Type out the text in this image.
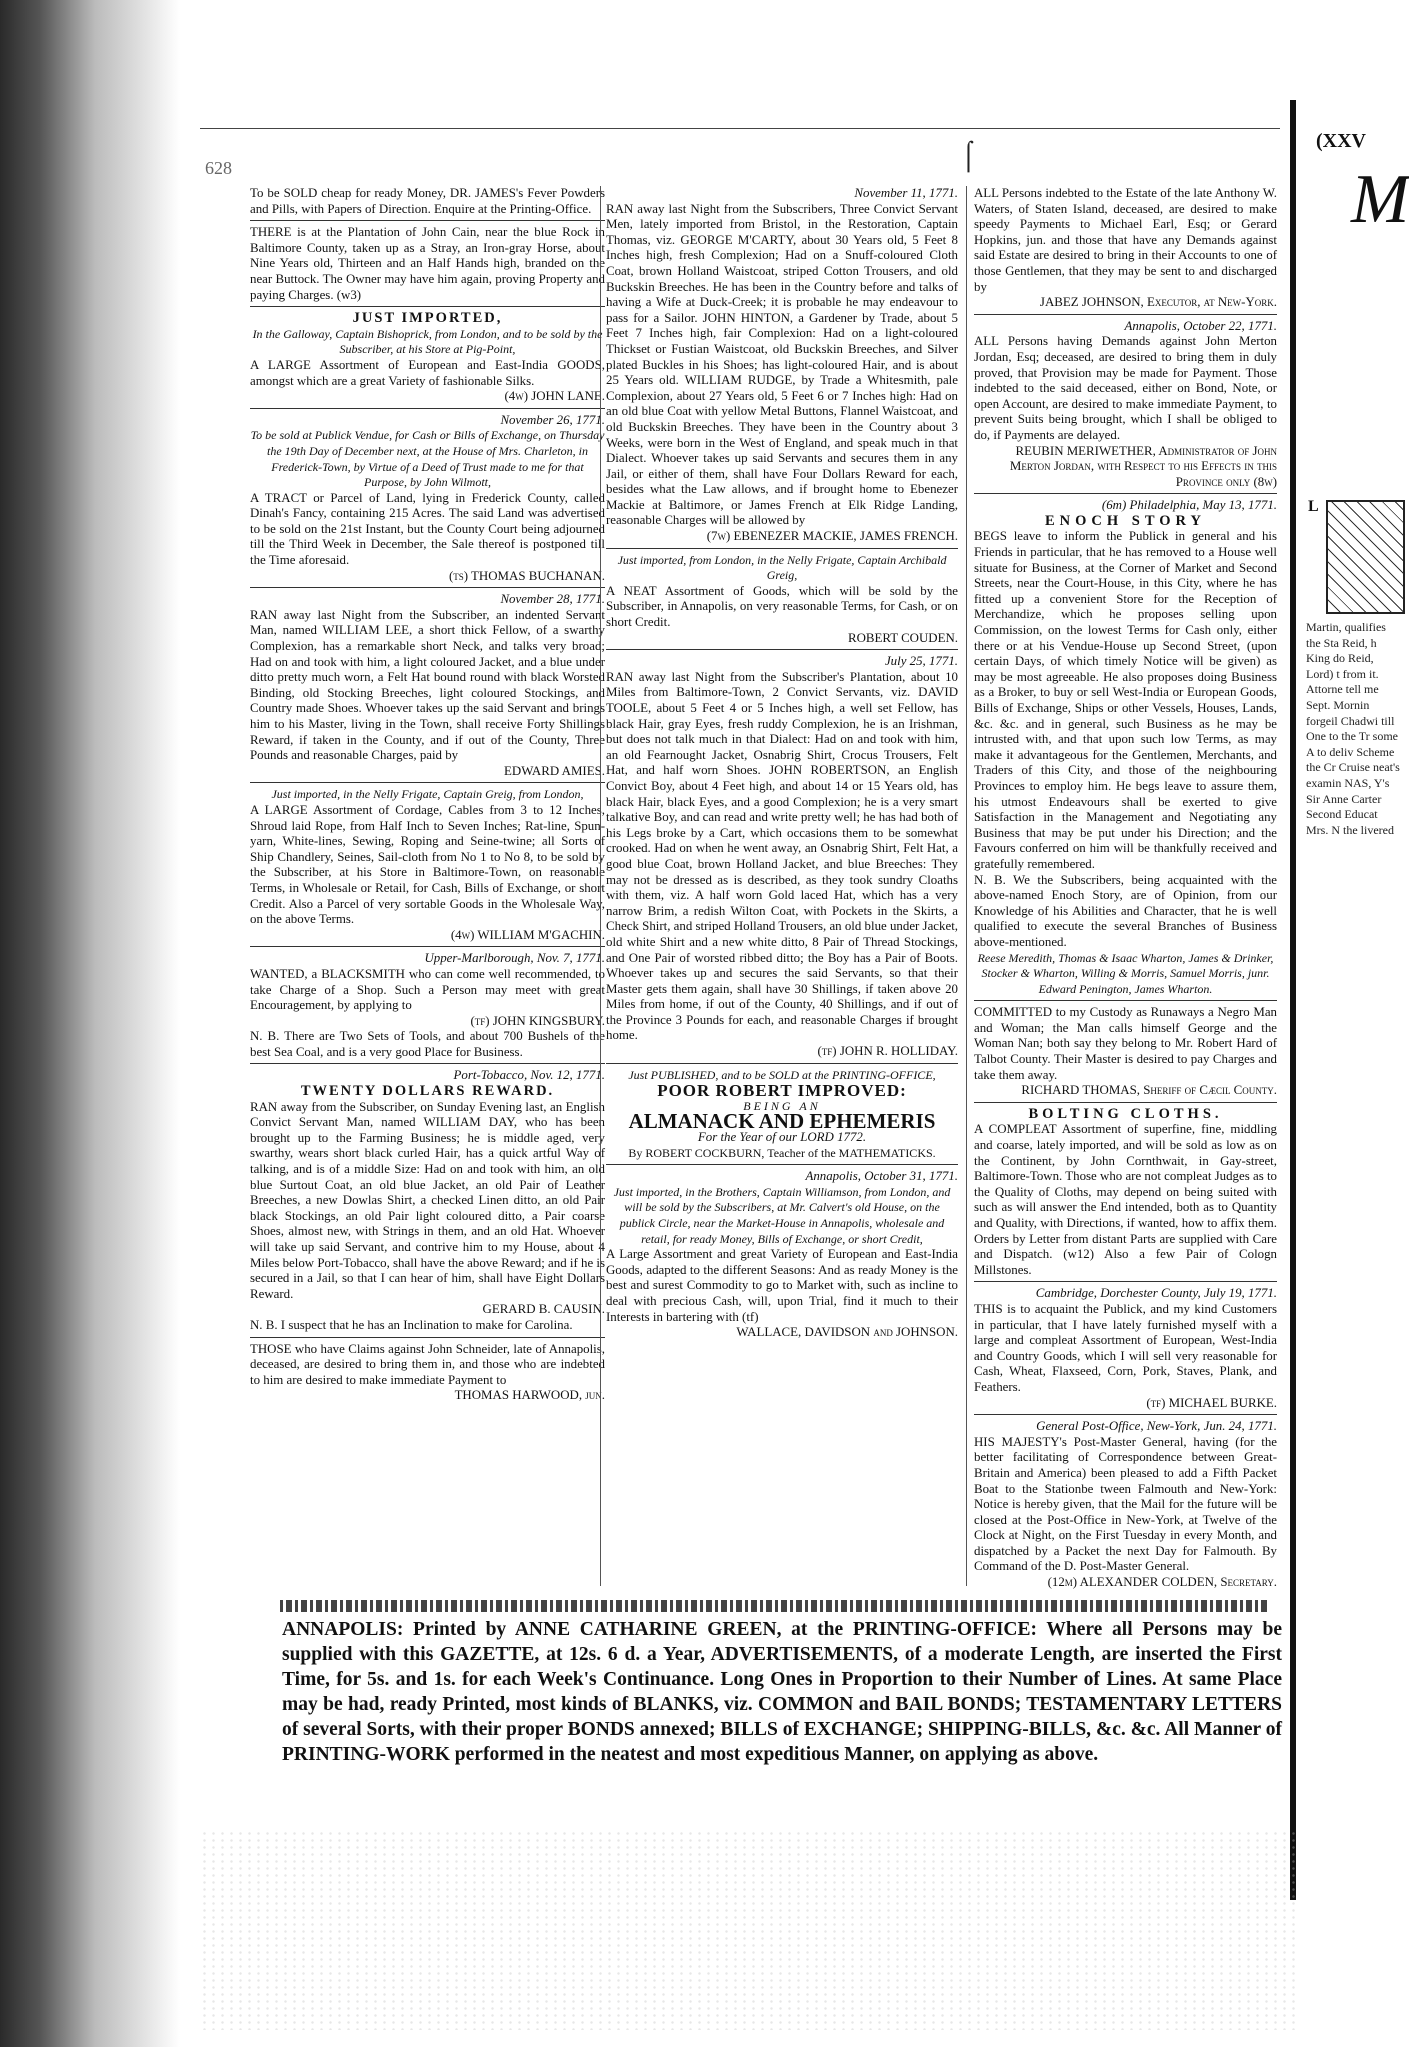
628	⌠

To be SOLD cheap for ready Money, DR. JAMES's Fever Powders and Pills, with Papers of Direction. Enquire at the Printing-Office.

THERE is at the Plantation of John Cain, near the blue Rock in Baltimore County, taken up as a Stray, an Iron-gray Horse, about Nine Years old, Thirteen and an Half Hands high, branded on the near Buttock. The Owner may have him again, proving Property and paying Charges. (w3)

JUST IMPORTED,

In the Galloway, Captain Bishoprick, from London, and to be sold by the Subscriber, at his Store at Pig-Point,

A LARGE Assortment of European and East-India GOODS, amongst which are a great Variety of fashionable Silks.

(4w) JOHN LANE.

November 26, 1771.

To be sold at Publick Vendue, for Cash or Bills of Exchange, on Thursday the 19th Day of December next, at the House of Mrs. Charleton, in Frederick-Town, by Virtue of a Deed of Trust made to me for that Purpose, by John Wilmott,

A TRACT or Parcel of Land, lying in Frederick County, called Dinah's Fancy, containing 215 Acres. The said Land was advertised to be sold on the 21st Instant, but the County Court being adjourned till the Third Week in December, the Sale thereof is postponed till the Time aforesaid.

(ts) THOMAS BUCHANAN.

November 28, 1771.

RAN away last Night from the Subscriber, an indented Servant Man, named WILLIAM LEE, a short thick Fellow, of a swarthy Complexion, has a remarkable short Neck, and talks very broad; Had on and took with him, a light coloured Jacket, and a blue under ditto pretty much worn, a Felt Hat bound round with black Worsted Binding, old Stocking Breeches, light coloured Stockings, and Country made Shoes. Whoever takes up the said Servant and brings him to his Master, living in the Town, shall receive Forty Shillings Reward, if taken in the County, and if out of the County, Three Pounds and reasonable Charges, paid by

EDWARD AMIES.

Just imported, in the Nelly Frigate, Captain Greig, from London,

A LARGE Assortment of Cordage, Cables from 3 to 12 Inches, Shroud laid Rope, from Half Inch to Seven Inches; Rat-line, Spun-yarn, White-lines, Sewing, Roping and Seine-twine; all Sorts of Ship Chandlery, Seines, Sail-cloth from No 1 to No 8, to be sold by the Subscriber, at his Store in Baltimore-Town, on reasonable Terms, in Wholesale or Retail, for Cash, Bills of Exchange, or short Credit. Also a Parcel of very sortable Goods in the Wholesale Way, on the above Terms.

(4w) WILLIAM M'GACHIN.

Upper-Marlborough, Nov. 7, 1771.

WANTED, a BLACKSMITH who can come well recommended, to take Charge of a Shop. Such a Person may meet with great Encouragement, by applying to

(tf) JOHN KINGSBURY.

N. B. There are Two Sets of Tools, and about 700 Bushels of the best Sea Coal, and is a very good Place for Business.

Port-Tobacco, Nov. 12, 1771.

TWENTY DOLLARS REWARD.

RAN away from the Subscriber, on Sunday Evening last, an English Convict Servant Man, named WILLIAM DAY, who has been brought up to the Farming Business; he is middle aged, very swarthy, wears short black curled Hair, has a quick artful Way of talking, and is of a middle Size: Had on and took with him, an old blue Surtout Coat, an old blue Jacket, an old Pair of Leather Breeches, a new Dowlas Shirt, a checked Linen ditto, an old Pair black Stockings, an old Pair light coloured ditto, a Pair coarse Shoes, almost new, with Strings in them, and an old Hat. Whoever will take up said Servant, and contrive him to my House, about 4 Miles below Port-Tobacco, shall have the above Reward; and if he is secured in a Jail, so that I can hear of him, shall have Eight Dollars Reward.

GERARD B. CAUSIN.

N. B. I suspect that he has an Inclination to make for Carolina.

THOSE who have Claims against John Schneider, late of Annapolis, deceased, are desired to bring them in, and those who are indebted to him are desired to make immediate Payment to

THOMAS HARWOOD, jun.

November 11, 1771.

RAN away last Night from the Subscribers, Three Convict Servant Men, lately imported from Bristol, in the Restoration, Captain Thomas, viz. GEORGE M'CARTY, about 30 Years old, 5 Feet 8 Inches high, fresh Complexion; Had on a Snuff-coloured Cloth Coat, brown Holland Waistcoat, striped Cotton Trousers, and old Buckskin Breeches. He has been in the Country before and talks of having a Wife at Duck-Creek; it is probable he may endeavour to pass for a Sailor. JOHN HINTON, a Gardener by Trade, about 5 Feet 7 Inches high, fair Complexion: Had on a light-coloured Thickset or Fustian Waistcoat, old Buckskin Breeches, and Silver plated Buckles in his Shoes; has light-coloured Hair, and is about 25 Years old. WILLIAM RUDGE, by Trade a Whitesmith, pale Complexion, about 27 Years old, 5 Feet 6 or 7 Inches high: Had on an old blue Coat with yellow Metal Buttons, Flannel Waistcoat, and old Buckskin Breeches. They have been in the Country about 3 Weeks, were born in the West of England, and speak much in that Dialect. Whoever takes up said Servants and secures them in any Jail, or either of them, shall have Four Dollars Reward for each, besides what the Law allows, and if brought home to Ebenezer Mackie at Baltimore, or James French at Elk Ridge Landing, reasonable Charges will be allowed by

(7w) EBENEZER MACKIE, JAMES FRENCH.

Just imported, from London, in the Nelly Frigate, Captain Archibald Greig,

A NEAT Assortment of Goods, which will be sold by the Subscriber, in Annapolis, on very reasonable Terms, for Cash, or on short Credit.

ROBERT COUDEN.

July 25, 1771.

RAN away last Night from the Subscriber's Plantation, about 10 Miles from Baltimore-Town, 2 Convict Servants, viz. DAVID TOOLE, about 5 Feet 4 or 5 Inches high, a well set Fellow, has black Hair, gray Eyes, fresh ruddy Complexion, he is an Irishman, but does not talk much in that Dialect: Had on and took with him, an old Fearnought Jacket, Osnabrig Shirt, Crocus Trousers, Felt Hat, and half worn Shoes. JOHN ROBERTSON, an English Convict Boy, about 4 Feet high, and about 14 or 15 Years old, has black Hair, black Eyes, and a good Complexion; he is a very smart talkative Boy, and can read and write pretty well; he has had both of his Legs broke by a Cart, which occasions them to be somewhat crooked. Had on when he went away, an Osnabrig Shirt, Felt Hat, a good blue Coat, brown Holland Jacket, and blue Breeches: They may not be dressed as is described, as they took sundry Cloaths with them, viz. A half worn Gold laced Hat, which has a very narrow Brim, a redish Wilton Coat, with Pockets in the Skirts, a Check Shirt, and striped Holland Trousers, an old blue under Jacket, old white Shirt and a new white ditto, 8 Pair of Thread Stockings, and One Pair of worsted ribbed ditto; the Boy has a Pair of Boots. Whoever takes up and secures the said Servants, so that their Master gets them again, shall have 30 Shillings, if taken above 20 Miles from home, if out of the County, 40 Shillings, and if out of the Province 3 Pounds for each, and reasonable Charges if brought home.

(tf) JOHN R. HOLLIDAY.

Just PUBLISHED, and to be SOLD at the PRINTING-OFFICE,

POOR ROBERT IMPROVED:

BEING AN

ALMANACK AND EPHEMERIS

For the Year of our LORD 1772.

By ROBERT COCKBURN, Teacher of the MATHEMATICKS.

Annapolis, October 31, 1771.

Just imported, in the Brothers, Captain Williamson, from London, and will be sold by the Subscribers, at Mr. Calvert's old House, on the publick Circle, near the Market-House in Annapolis, wholesale and retail, for ready Money, Bills of Exchange, or short Credit,

A Large Assortment and great Variety of European and East-India Goods, adapted to the different Seasons: And as ready Money is the best and surest Commodity to go to Market with, such as incline to deal with precious Cash, will, upon Trial, find it much to their Interests in bartering with (tf)

WALLACE, DAVIDSON and JOHNSON.

ALL Persons indebted to the Estate of the late Anthony W. Waters, of Staten Island, deceased, are desired to make speedy Payments to Michael Earl, Esq; or Gerard Hopkins, jun. and those that have any Demands against said Estate are desired to bring in their Accounts to one of those Gentlemen, that they may be sent to and discharged by

JABEZ JOHNSON, Executor, at New-York.

Annapolis, October 22, 1771.

ALL Persons having Demands against John Merton Jordan, Esq; deceased, are desired to bring them in duly proved, that Provision may be made for Payment. Those indebted to the said deceased, either on Bond, Note, or open Account, are desired to make immediate Payment, to prevent Suits being brought, which I shall be obliged to do, if Payments are delayed.

REUBIN MERIWETHER, Administrator of John Merton Jordan, with Respect to his Effects in this Province only (8w)

(6m) Philadelphia, May 13, 1771.

ENOCH STORY

BEGS leave to inform the Publick in general and his Friends in particular, that he has removed to a House well situate for Business, at the Corner of Market and Second Streets, near the Court-House, in this City, where he has fitted up a convenient Store for the Reception of Merchandize, which he proposes selling upon Commission, on the lowest Terms for Cash only, either there or at his Vendue-House up Second Street, (upon certain Days, of which timely Notice will be given) as may be most agreeable. He also proposes doing Business as a Broker, to buy or sell West-India or European Goods, Bills of Exchange, Ships or other Vessels, Houses, Lands, &c. &c. and in general, such Business as he may be intrusted with, and that upon such low Terms, as may make it advantageous for the Gentlemen, Merchants, and Traders of this City, and those of the neighbouring Provinces to employ him. He begs leave to assure them, his utmost Endeavours shall be exerted to give Satisfaction in the Management and Negotiating any Business that may be put under his Direction; and the Favours conferred on him will be thankfully received and gratefully remembered.

N. B. We the Subscribers, being acquainted with the above-named Enoch Story, are of Opinion, from our Knowledge of his Abilities and Character, that he is well qualified to execute the several Branches of Business above-mentioned.

Reese Meredith, Thomas & Isaac Wharton, James & Drinker, Stocker & Wharton, Willing & Morris, Samuel Morris, junr. Edward Penington, James Wharton.

COMMITTED to my Custody as Runaways a Negro Man and Woman; the Man calls himself George and the Woman Nan; both say they belong to Mr. Robert Hard of Talbot County. Their Master is desired to pay Charges and take them away.

RICHARD THOMAS, Sheriff of Cæcil County.

BOLTING CLOTHS.

A COMPLEAT Assortment of superfine, fine, middling and coarse, lately imported, and will be sold as low as on the Continent, by John Cornthwait, in Gay-street, Baltimore-Town. Those who are not compleat Judges as to the Quality of Cloths, may depend on being suited with such as will answer the End intended, both as to Quantity and Quality, with Directions, if wanted, how to affix them. Orders by Letter from distant Parts are supplied with Care and Dispatch. (w12) Also a few Pair of Cologn Millstones.

Cambridge, Dorchester County, July 19, 1771.

THIS is to acquaint the Publick, and my kind Customers in particular, that I have lately furnished myself with a large and compleat Assortment of European, West-India and Country Goods, which I will sell very reasonable for Cash, Wheat, Flaxseed, Corn, Pork, Staves, Plank, and Feathers.

(tf) MICHAEL BURKE.

General Post-Office, New-York, Jun. 24, 1771.

HIS MAJESTY's Post-Master General, having (for the better facilitating of Correspondence between Great-Britain and America) been pleased to add a Fifth Packet Boat to the Stationbe tween Falmouth and New-York: Notice is hereby given, that the Mail for the future will be closed at the Post-Office in New-York, at Twelve of the Clock at Night, on the First Tuesday in every Month, and dispatched by a Packet the next Day for Falmouth. By Command of the D. Post-Master General.

(12m) ALEXANDER COLDEN, Secretary.

ANNAPOLIS: Printed by ANNE CATHARINE GREEN, at the PRINTING-OFFICE: Where all Persons may be supplied with this GAZETTE, at 12s. 6 d. a Year, ADVERTISEMENTS, of a moderate Length, are inserted the First Time, for 5s. and 1s. for each Week's Continuance. Long Ones in Proportion to their Number of Lines. At same Place may be had, ready Printed, most kinds of BLANKS, viz. COMMON and BAIL BONDS; TESTAMENTARY LETTERS of several Sorts, with their proper BONDS annexed; BILLS of EXCHANGE; SHIPPING-BILLS, &c. &c. All Manner of PRINTING-WORK performed in the neatest and most expeditious Manner, on applying as above.
(XXV
M
L
Martin, qualifies the Sta Reid, h King do Reid, Lord) t from it. Attorne tell me Sept. Mornin forgeil Chadwi till One to the Tr some A to deliv Scheme the Cr Cruise neat's examin NAS, Y's Sir Anne Carter Second Educat Mrs. N the livered
